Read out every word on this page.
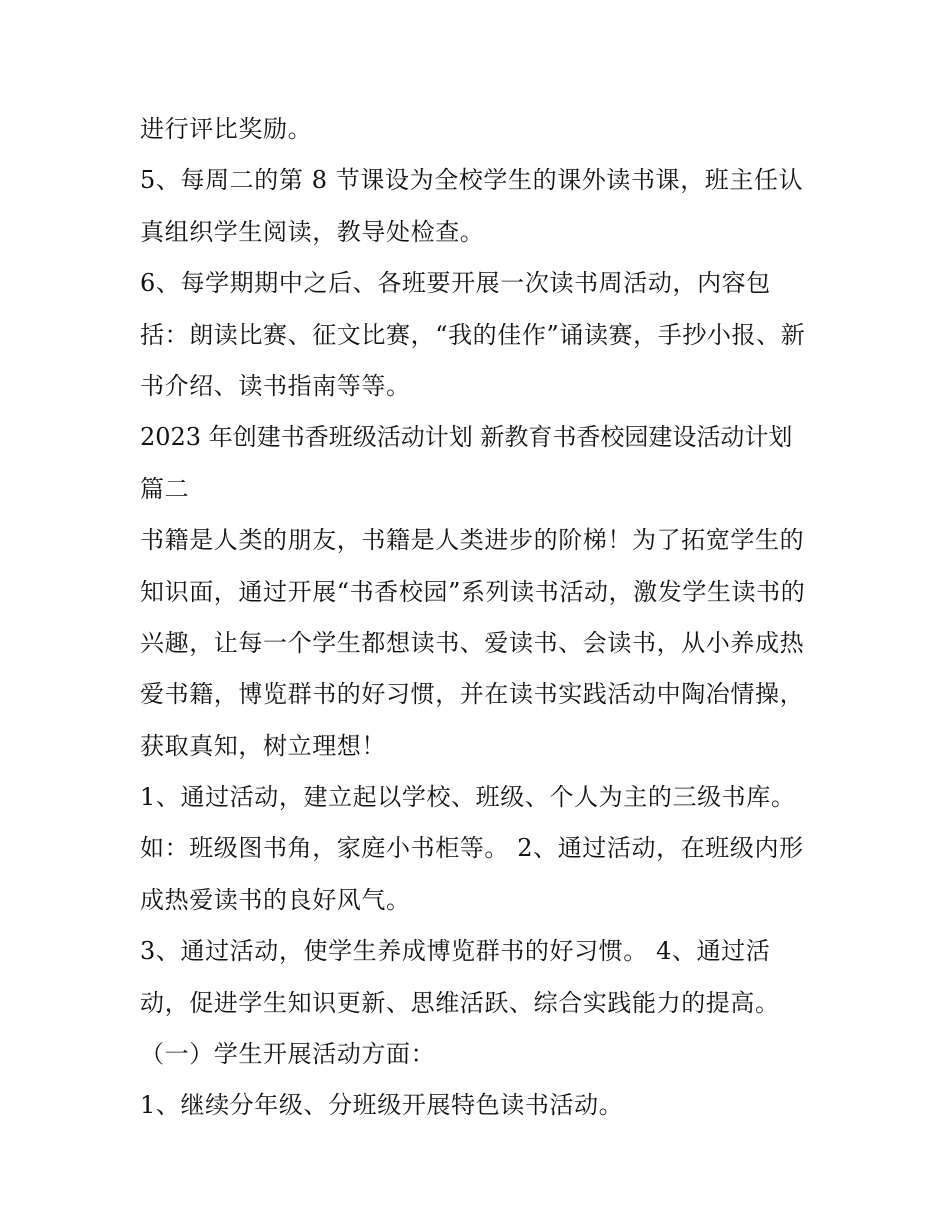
进行评比奖励。
5、每周二的第 8 节课设为全校学生的课外读书课，班主任认
真组织学生阅读，教导处检查。
6、每学期期中之后、各班要开展一次读书周活动，内容包
括：朗读比赛、征文比赛，“我的佳作”诵读赛，手抄小报、新
书介绍、读书指南等等。
2023 年创建书香班级活动计划 新教育书香校园建设活动计划
篇二
书籍是人类的朋友，书籍是人类进步的阶梯！为了拓宽学生的
知识面，通过开展“书香校园”系列读书活动，激发学生读书的
兴趣，让每一个学生都想读书、爱读书、会读书，从小养成热
爱书籍，博览群书的好习惯，并在读书实践活动中陶冶情操，
获取真知，树立理想！
1、通过活动，建立起以学校、班级、个人为主的三级书库。
如：班级图书角，家庭小书柜等。 2、通过活动，在班级内形
成热爱读书的良好风气。
3、通过活动，使学生养成博览群书的好习惯。 4、通过活
动，促进学生知识更新、思维活跃、综合实践能力的提高。
（一）学生开展活动方面：
1、继续分年级、分班级开展特色读书活动。
